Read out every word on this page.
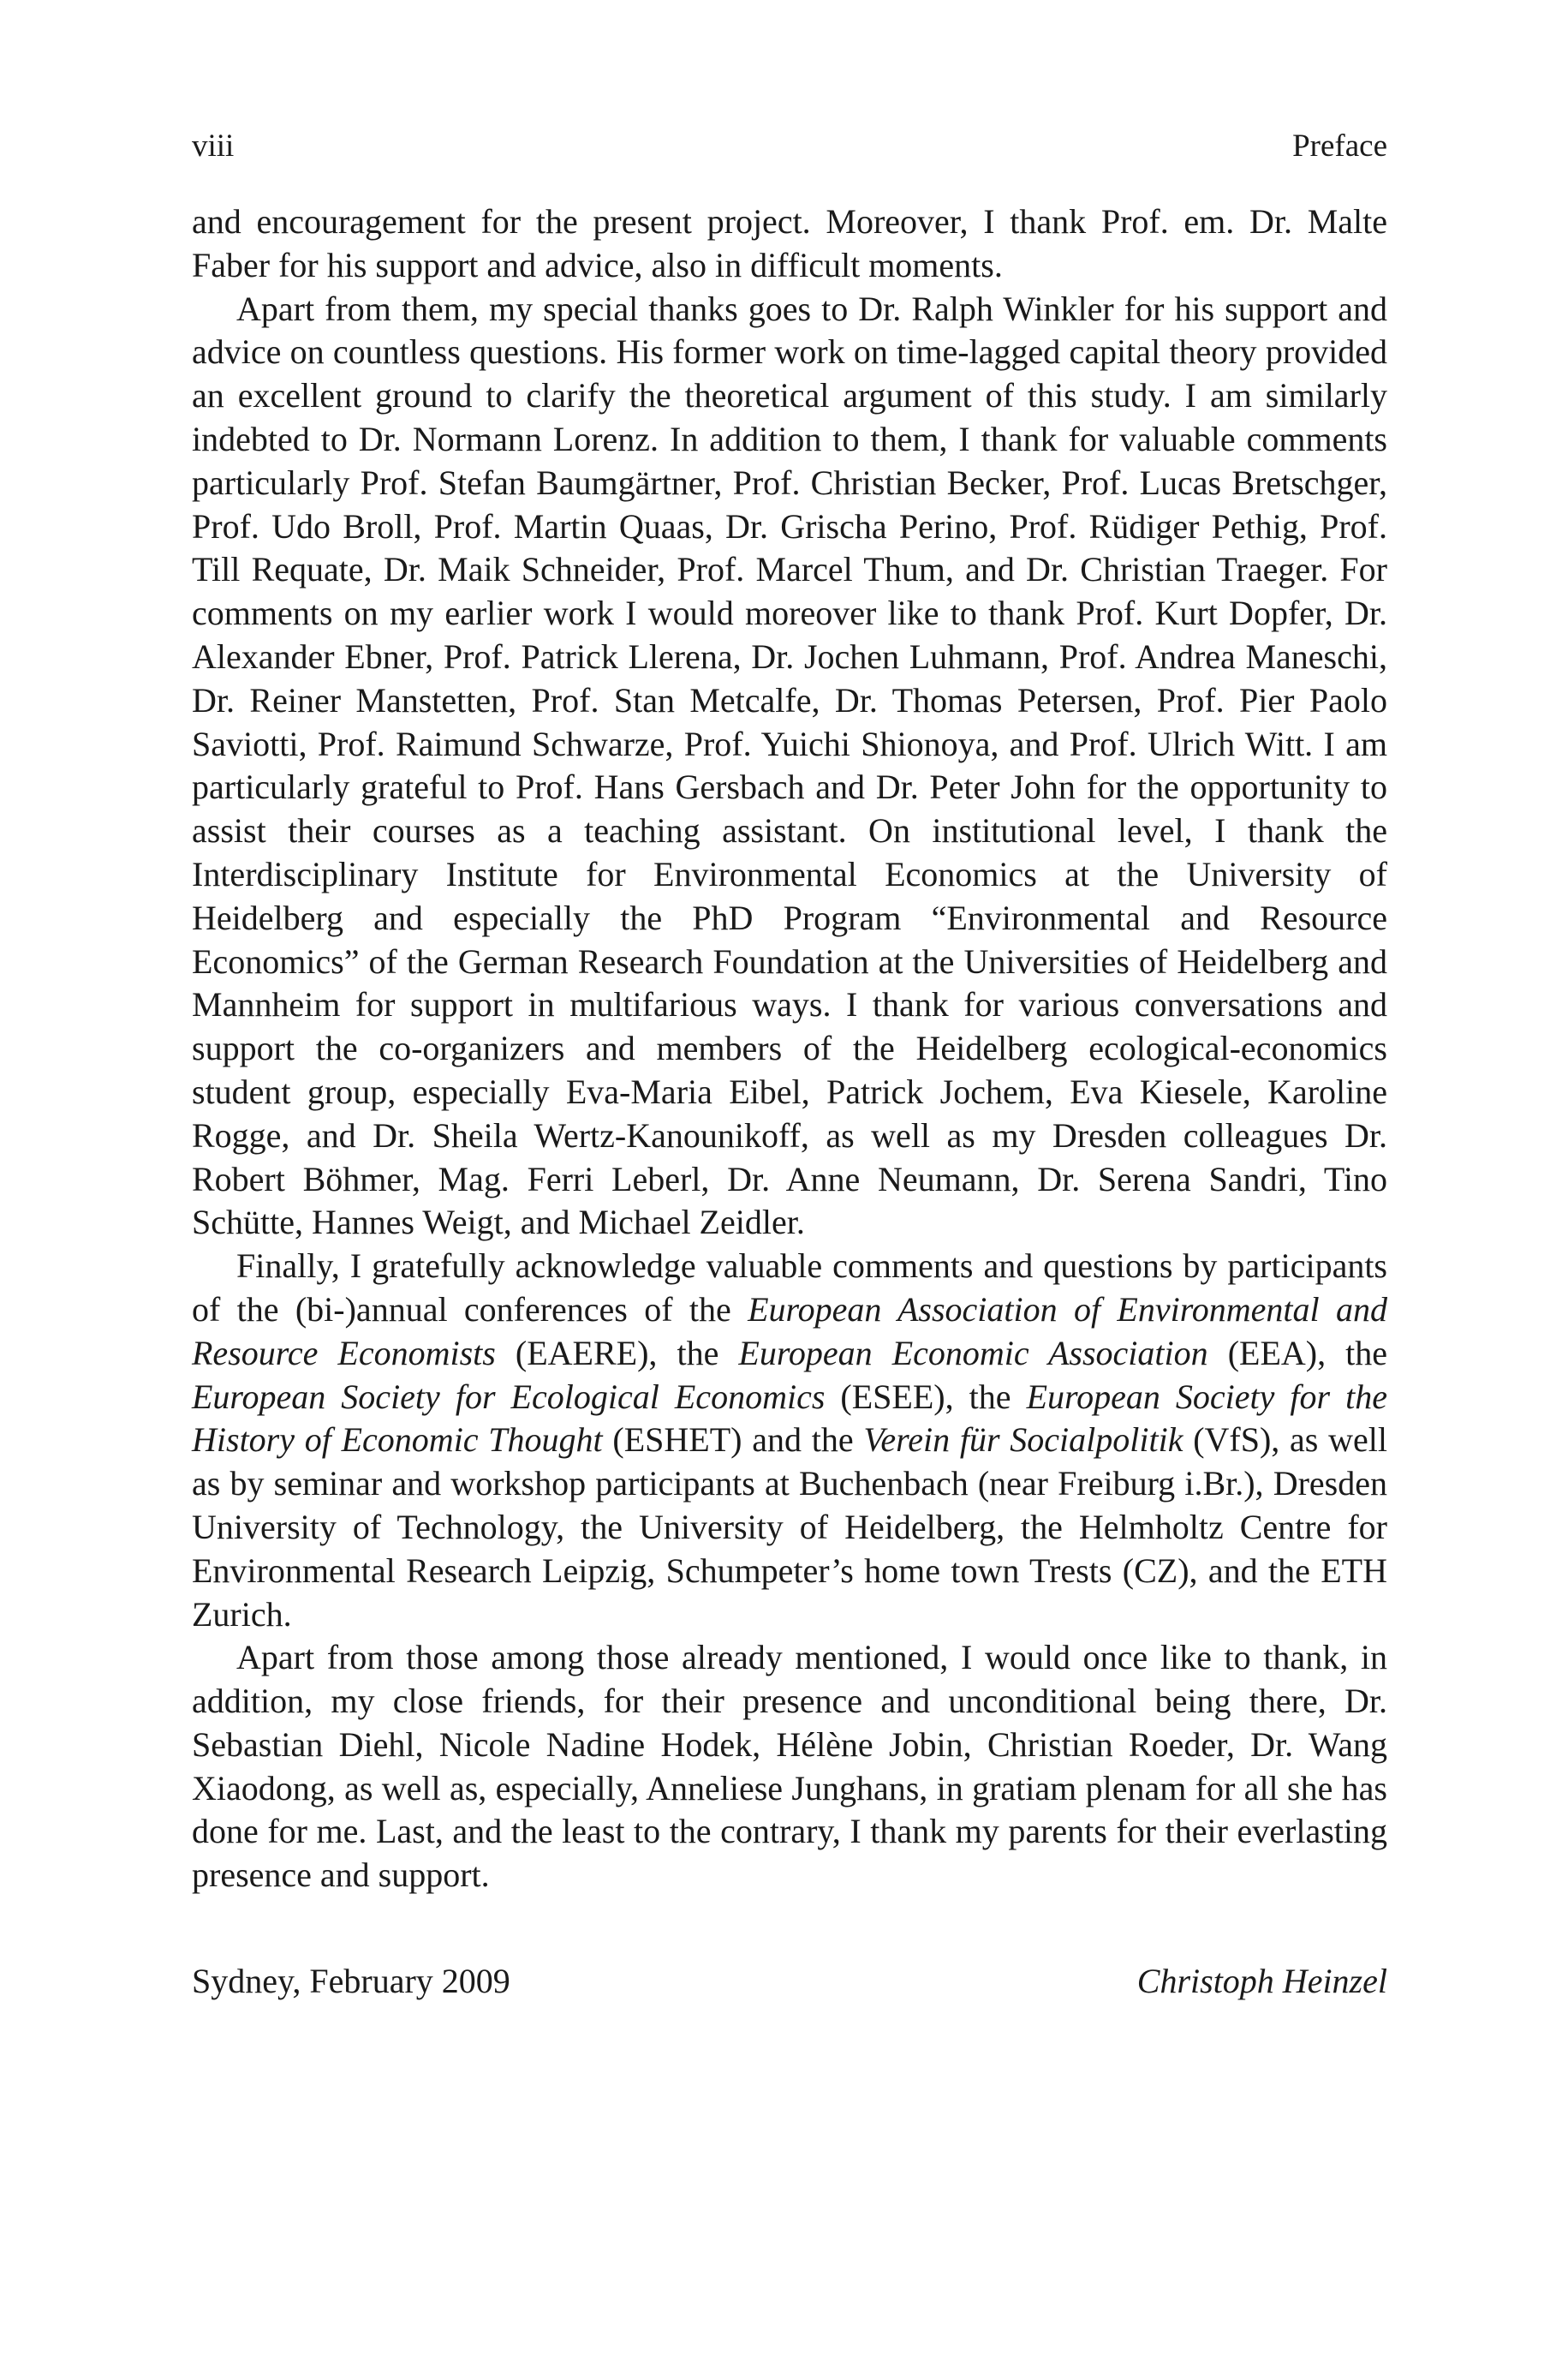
viii	Preface

and encouragement for the present project. Moreover, I thank Prof. em. Dr. Malte Faber for his support and advice, also in difficult moments.

Apart from them, my special thanks goes to Dr. Ralph Winkler for his support and advice on countless questions. His former work on time-lagged capital theory provided an excellent ground to clarify the theoretical argument of this study. I am similarly indebted to Dr. Normann Lorenz. In addition to them, I thank for valuable comments particularly Prof. Stefan Baumgärtner, Prof. Christian Becker, Prof. Lucas Bretschger, Prof. Udo Broll, Prof. Martin Quaas, Dr. Grischa Perino, Prof. Rüdiger Pethig, Prof. Till Requate, Dr. Maik Schneider, Prof. Marcel Thum, and Dr. Christian Traeger. For comments on my earlier work I would moreover like to thank Prof. Kurt Dopfer, Dr. Alexander Ebner, Prof. Patrick Llerena, Dr. Jochen Luhmann, Prof. Andrea Maneschi, Dr. Reiner Manstetten, Prof. Stan Metcalfe, Dr. Thomas Petersen, Prof. Pier Paolo Saviotti, Prof. Raimund Schwarze, Prof. Yuichi Shionoya, and Prof. Ulrich Witt. I am particularly grateful to Prof. Hans Gersbach and Dr. Peter John for the opportunity to assist their courses as a teaching assistant. On institutional level, I thank the Interdisciplinary Institute for Environmental Economics at the University of Heidelberg and especially the PhD Program “Environmental and Resource Economics” of the German Research Foundation at the Universities of Heidelberg and Mannheim for support in multifarious ways. I thank for various conversations and support the co-organizers and members of the Heidelberg ecological-economics student group, especially Eva-Maria Eibel, Patrick Jochem, Eva Kiesele, Karoline Rogge, and Dr. Sheila Wertz-Kanounikoff, as well as my Dresden colleagues Dr. Robert Böhmer, Mag. Ferri Leberl, Dr. Anne Neumann, Dr. Serena Sandri, Tino Schütte, Hannes Weigt, and Michael Zeidler.

Finally, I gratefully acknowledge valuable comments and questions by participants of the (bi-)annual conferences of the European Association of Environmental and Resource Economists (EAERE), the European Economic Association (EEA), the European Society for Ecological Economics (ESEE), the European Society for the History of Economic Thought (ESHET) and the Verein für Socialpolitik (VfS), as well as by seminar and workshop participants at Buchenbach (near Freiburg i.Br.), Dresden University of Technology, the University of Heidelberg, the Helmholtz Centre for Environmental Research Leipzig, Schumpeter’s home town Trests (CZ), and the ETH Zurich.

Apart from those among those already mentioned, I would once like to thank, in addition, my close friends, for their presence and unconditional being there, Dr. Sebastian Diehl, Nicole Nadine Hodek, Hélène Jobin, Christian Roeder, Dr. Wang Xiaodong, as well as, especially, Anneliese Junghans, in gratiam plenam for all she has done for me. Last, and the least to the contrary, I thank my parents for their everlasting presence and support.

Sydney, February 2009	Christoph Heinzel
